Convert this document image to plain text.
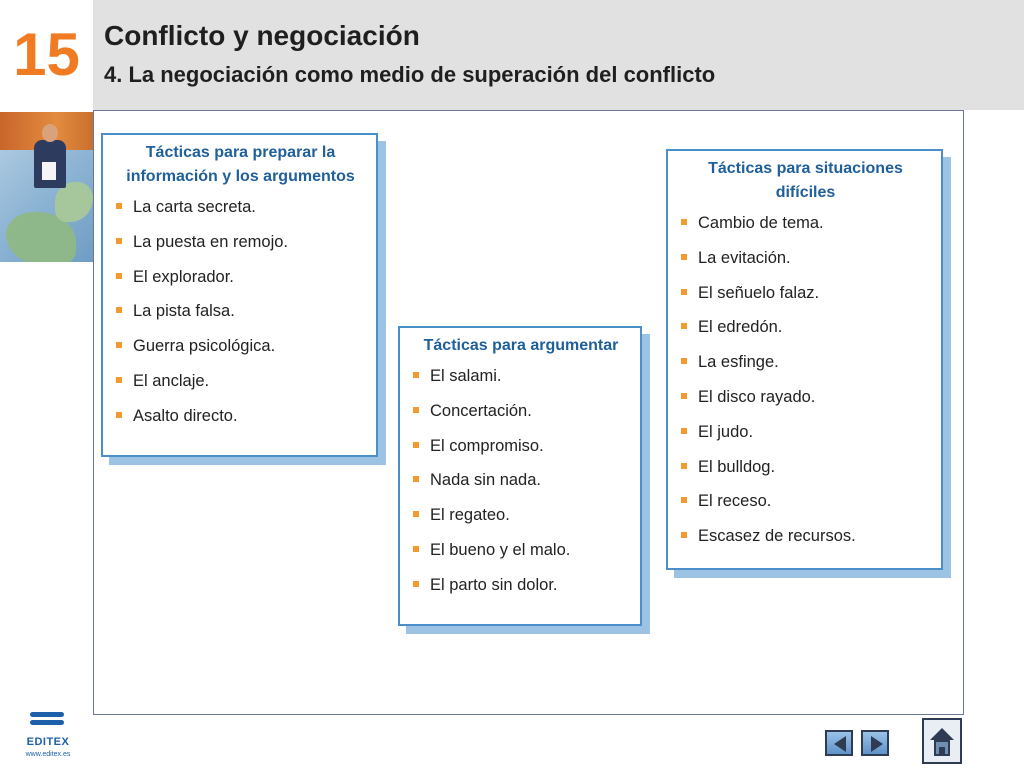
15 Conflicto y negociación
4. La negociación como medio de superación del conflicto
Tácticas para preparar la información y los argumentos
La carta secreta.
La puesta en remojo.
El explorador.
La pista falsa.
Guerra psicológica.
El anclaje.
Asalto directo.
Tácticas para argumentar
El salami.
Concertación.
El compromiso.
Nada sin nada.
El regateo.
El bueno y el malo.
El parto sin dolor.
Tácticas para situaciones difíciles
Cambio de tema.
La evitación.
El señuelo falaz.
El edredón.
La esfinge.
El disco rayado.
El judo.
El bulldog.
El receso.
Escasez de recursos.
EDITEX
www.editex.es
